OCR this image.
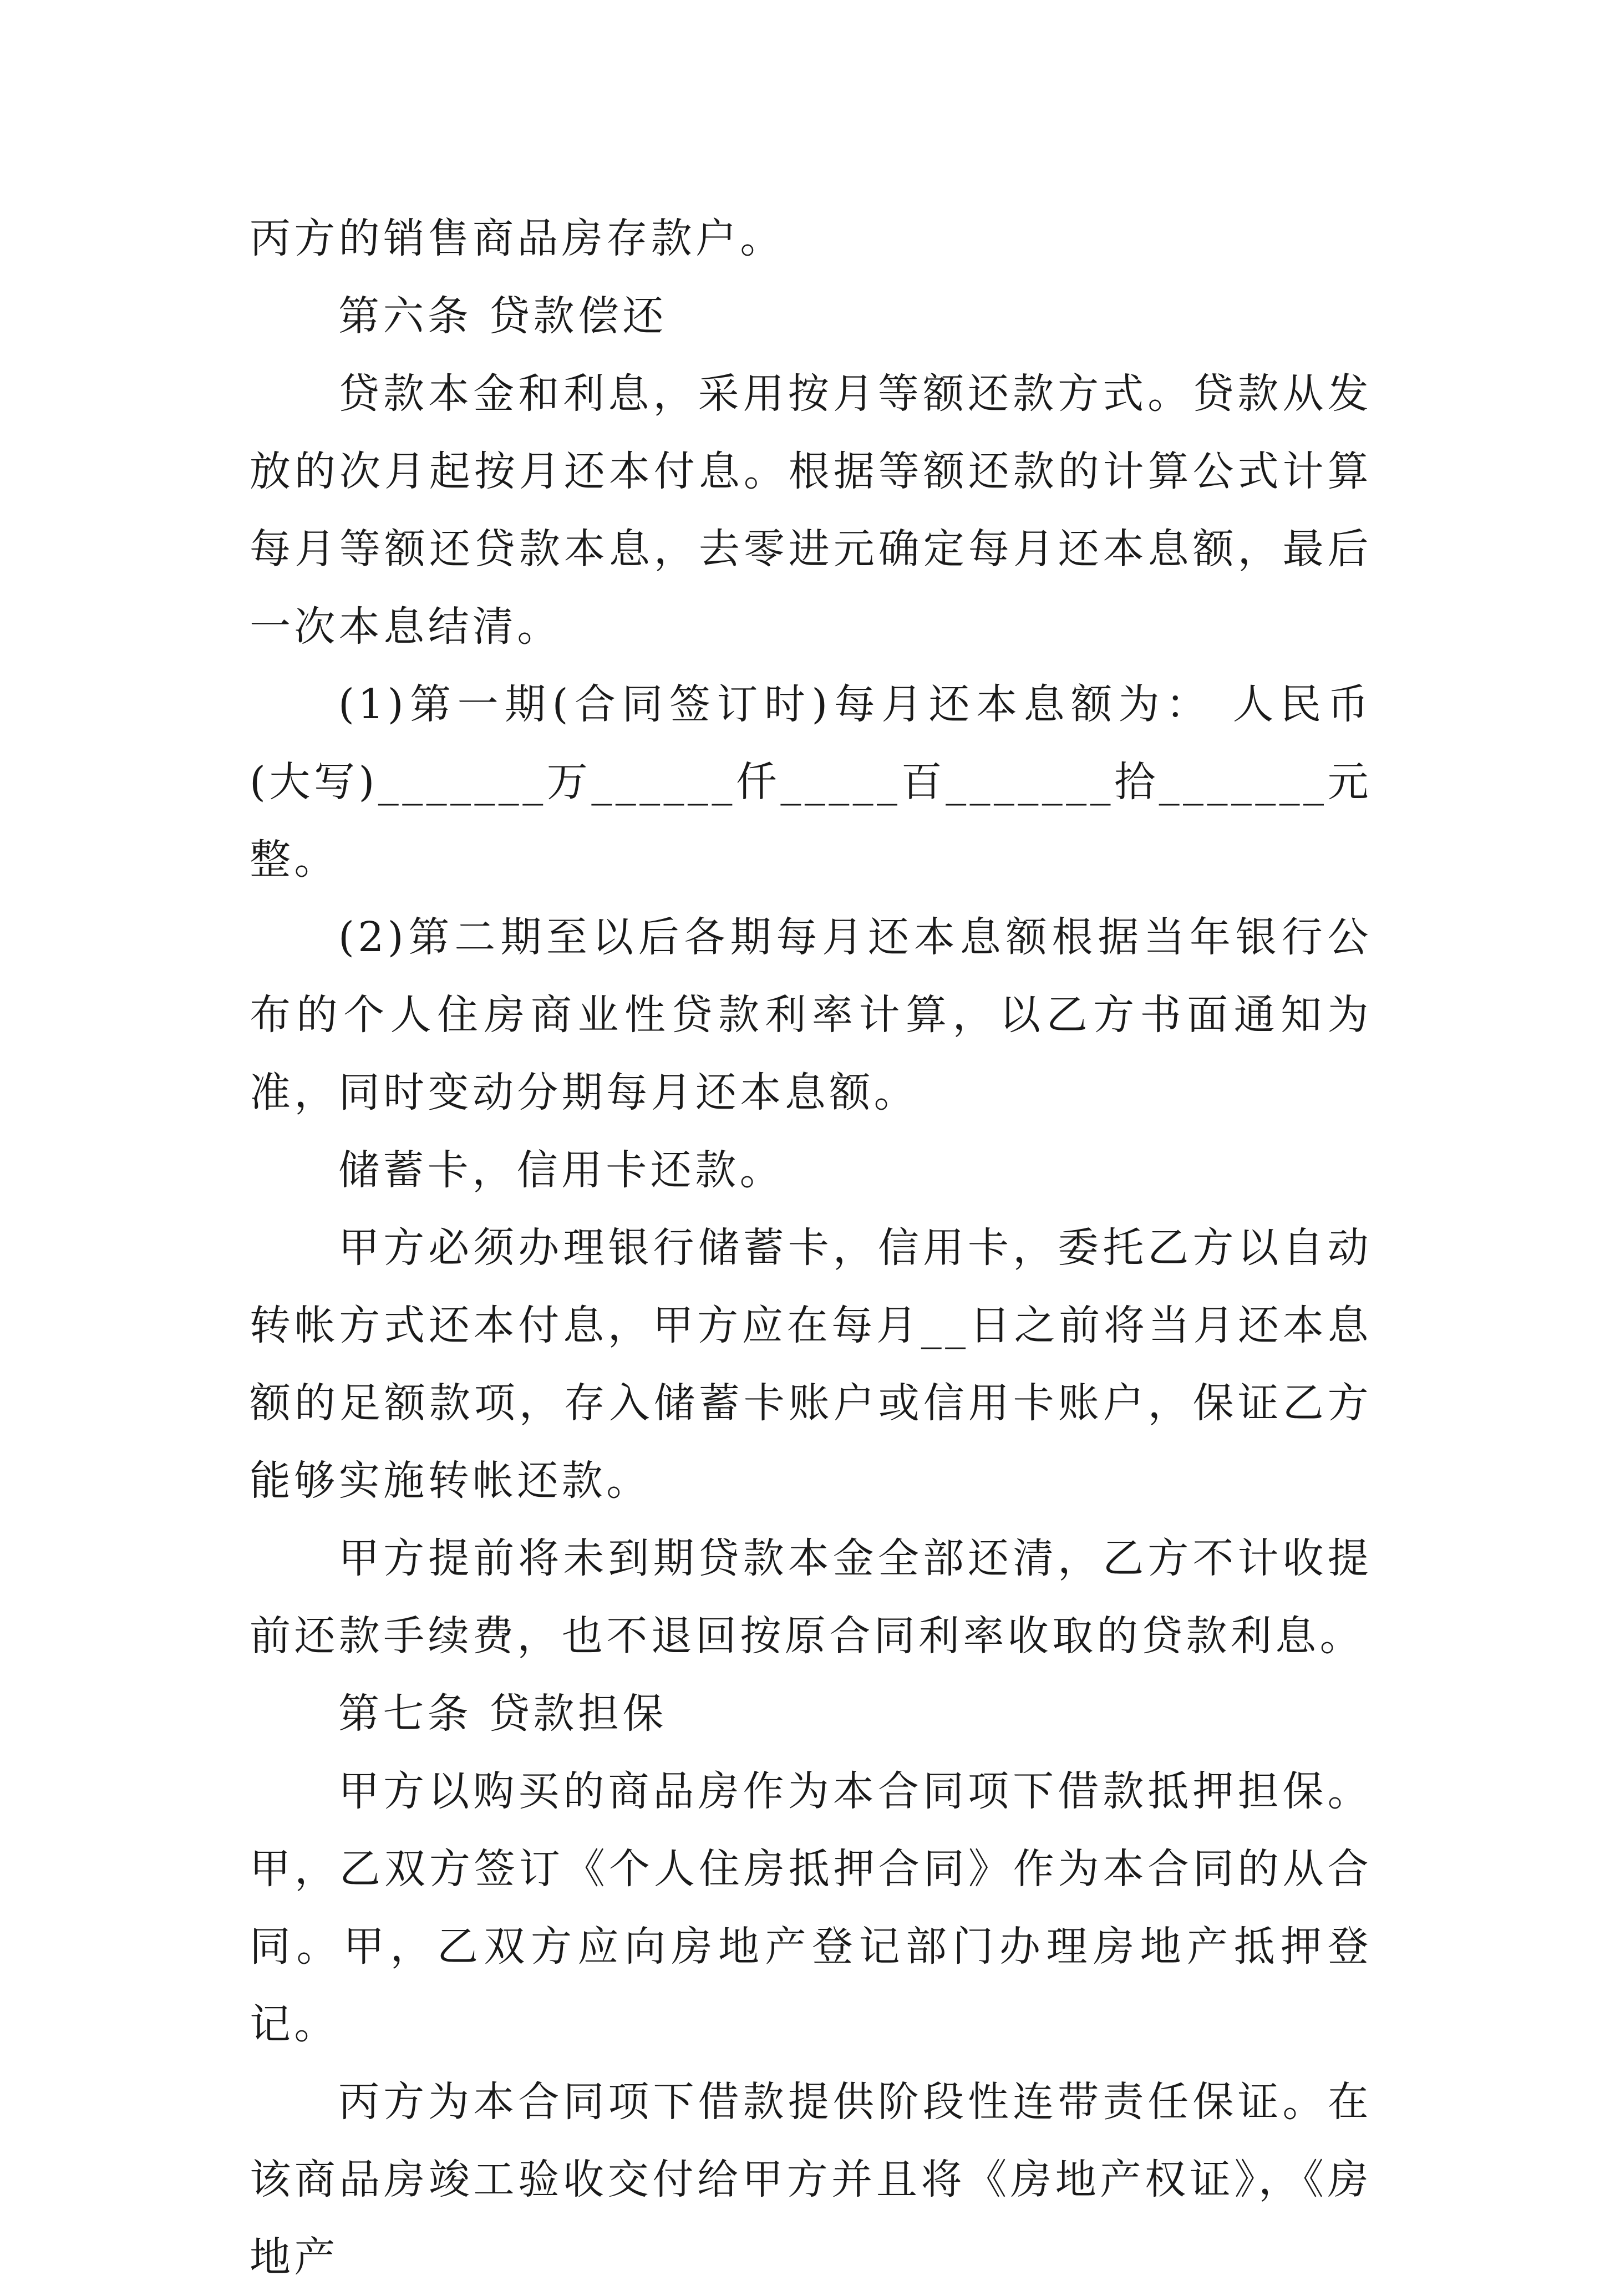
丙方的销售商品房存款户。

第六条 贷款偿还

贷款本金和利息，采用按月等额还款方式。贷款从发放的次月起按月还本付息。根据等额还款的计算公式计算每月等额还贷款本息，去零进元确定每月还本息额，最后一次本息结清。

(1)第一期(合同签订时)每月还本息额为： 人民币(大写)_______万______仟_____百_______拾_______元整。

(2)第二期至以后各期每月还本息额根据当年银行公布的个人住房商业性贷款利率计算，以乙方书面通知为准，同时变动分期每月还本息额。

储蓄卡，信用卡还款。

甲方必须办理银行储蓄卡，信用卡，委托乙方以自动转帐方式还本付息，甲方应在每月__日之前将当月还本息额的足额款项，存入储蓄卡账户或信用卡账户，保证乙方能够实施转帐还款。

甲方提前将未到期贷款本金全部还清，乙方不计收提前还款手续费，也不退回按原合同利率收取的贷款利息。

第七条 贷款担保

甲方以购买的商品房作为本合同项下借款抵押担保。甲，乙双方签订《个人住房抵押合同》作为本合同的从合同。甲，乙双方应向房地产登记部门办理房地产抵押登记。

丙方为本合同项下借款提供阶段性连带责任保证。在该商品房竣工验收交付给甲方并且将《房地产权证》，《房地产
